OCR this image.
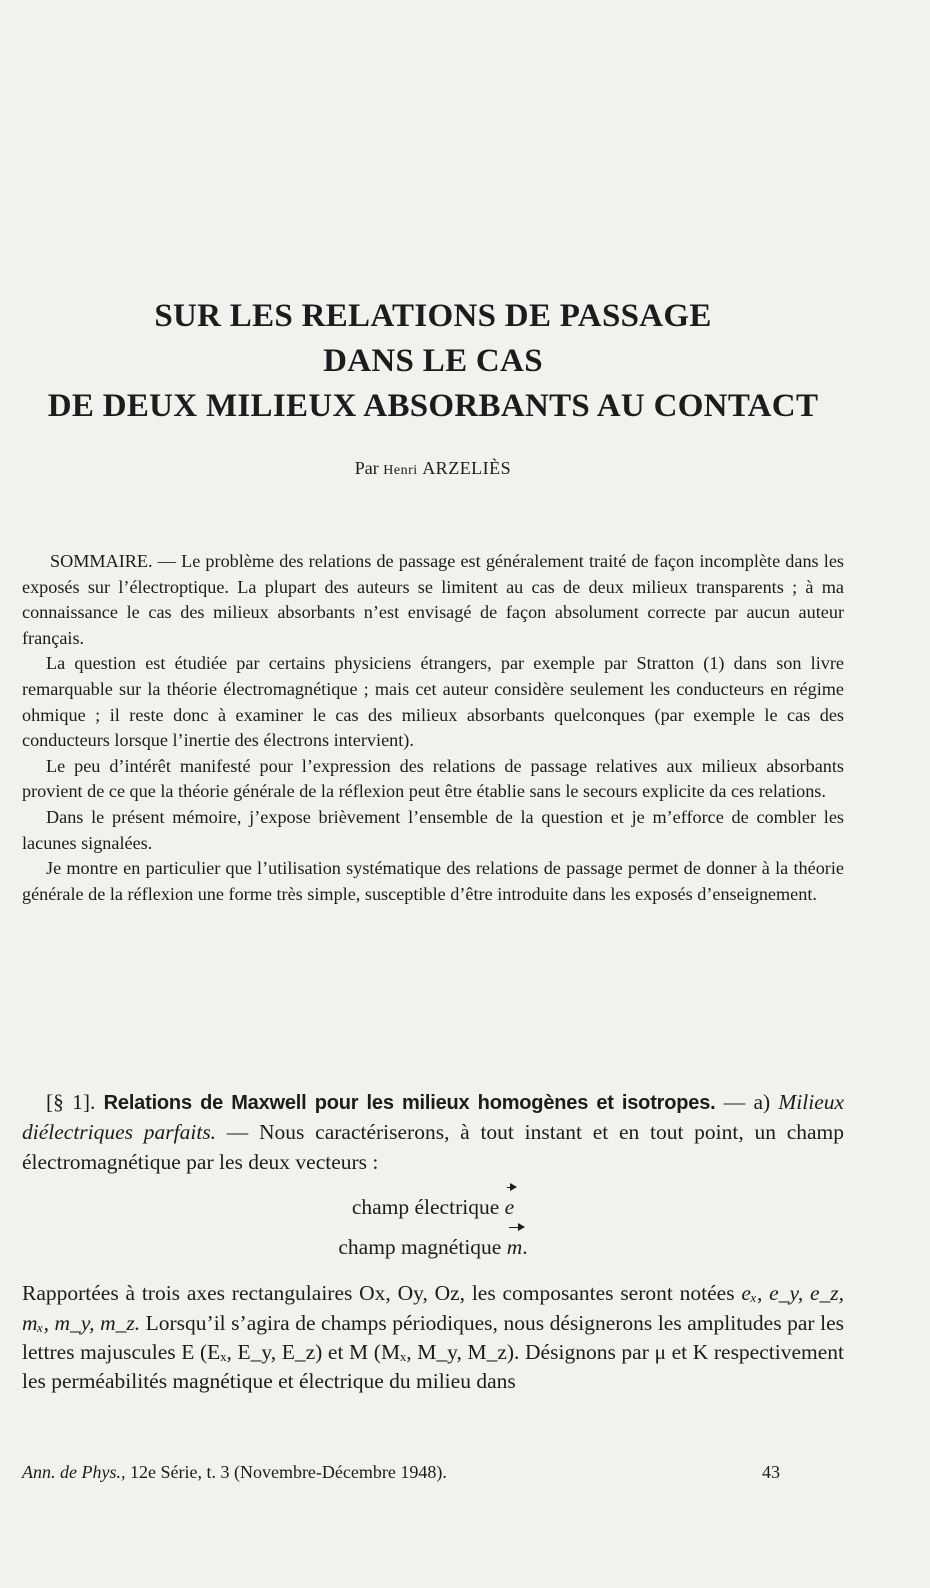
SUR LES RELATIONS DE PASSAGE
DANS LE CAS
DE DEUX MILIEUX ABSORBANTS AU CONTACT
Par Henri ARZELIÈS

SOMMAIRE. — Le problème des relations de passage est généralement traité de façon incomplète dans les exposés sur l’électroptique. La plupart des auteurs se limitent au cas de deux milieux transparents ; à ma connaissance le cas des milieux absorbants n’est envisagé de façon absolument correcte par aucun auteur français.

La question est étudiée par certains physiciens étrangers, par exemple par Stratton (1) dans son livre remarquable sur la théorie électromagnétique ; mais cet auteur considère seulement les conducteurs en régime ohmique ; il reste donc à examiner le cas des milieux absorbants quelconques (par exemple le cas des conducteurs lorsque l’inertie des électrons intervient).

Le peu d’intérêt manifesté pour l’expression des relations de passage relatives aux milieux absorbants provient de ce que la théorie générale de la réflexion peut être établie sans le secours explicite da ces relations.

Dans le présent mémoire, j’expose brièvement l’ensemble de la question et je m’efforce de combler les lacunes signalées.

Je montre en particulier que l’utilisation systématique des relations de passage permet de donner à la théorie générale de la réflexion une forme très simple, susceptible d’être introduite dans les exposés d’enseignement.

[§ 1]. Relations de Maxwell pour les milieux homogènes et isotropes. — a) Milieux diélectriques parfaits. — Nous caractériserons, à tout instant et en tout point, un champ électromagnétique par les deux vecteurs :

champ électrique e
champ magnétique m.

Rapportées à trois axes rectangulaires Ox, Oy, Oz, les composantes seront notées eₓ, e_y, e_z, mₓ, m_y, m_z. Lorsqu’il s’agira de champs périodiques, nous désignerons les amplitudes par les lettres majuscules E (Eₓ, E_y, E_z) et M (Mₓ, M_y, M_z). Désignons par μ et K respectivement les perméabilités magnétique et électrique du milieu dans

Ann. de Phys., 12e Série, t. 3 (Novembre-Décembre 1948).	43
